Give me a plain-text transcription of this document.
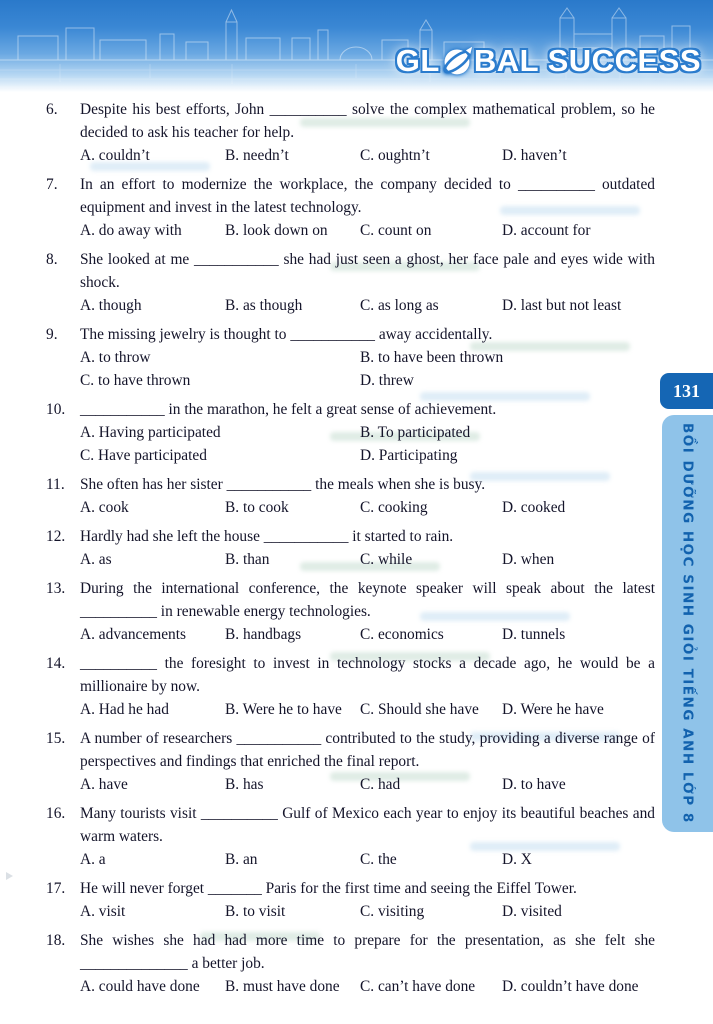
GL BAL SUCCESS
131
BỒI DƯỠNG HỌC SINH GIỎI TIẾNG ANH LỚP 8
6.	Despite his best efforts, John __________ solve the complex mathematical problem, so he decided to ask his teacher for help.

A. couldn’t	B. needn’t	C. oughtn’t	D. haven’t
7.	In an effort to modernize the workplace, the company decided to __________ outdated equipment and invest in the latest technology.

A. do away with	B. look down on	C. count on	D. account for
8.	She looked at me ___________ she had just seen a ghost, her face pale and eyes wide with shock.

A. though	B. as though	C. as long as	D. last but not least
9.	The missing jewelry is thought to ___________ away accidentally.

A. to throw	B. to have been thrown
C. to have thrown	D. threw
10. ___________ in the marathon, he felt a great sense of achievement.

A. Having participated	B. To participated
C. Have participated	D. Participating
11. She often has her sister ___________ the meals when she is busy.

A. cook	B. to cook	C. cooking	D. cooked
12. Hardly had she left the house ___________ it started to rain.

A. as	B. than	C. while	D. when
13. During the international conference, the keynote speaker will speak about the latest __________ in renewable energy technologies.

A. advancements	B. handbags	C. economics	D. tunnels
14. __________ the foresight to invest in technology stocks a decade ago, he would be a millionaire by now.

A. Had he had	B. Were he to have	C. Should she have	D. Were he have
15. A number of researchers ___________ contributed to the study, providing a diverse range of perspectives and findings that enriched the final report.

A. have	B. has	C. had	D. to have
16. Many tourists visit __________ Gulf of Mexico each year to enjoy its beautiful beaches and warm waters.

A. a	B. an	C. the	D. X
17. He will never forget _______ Paris for the first time and seeing the Eiffel Tower.

A. visit	B. to visit	C. visiting	D. visited
18. She wishes she had had more time to prepare for the presentation, as she felt she ______________ a better job.

A. could have done	B. must have done	C. can’t have done	D. couldn’t have done
